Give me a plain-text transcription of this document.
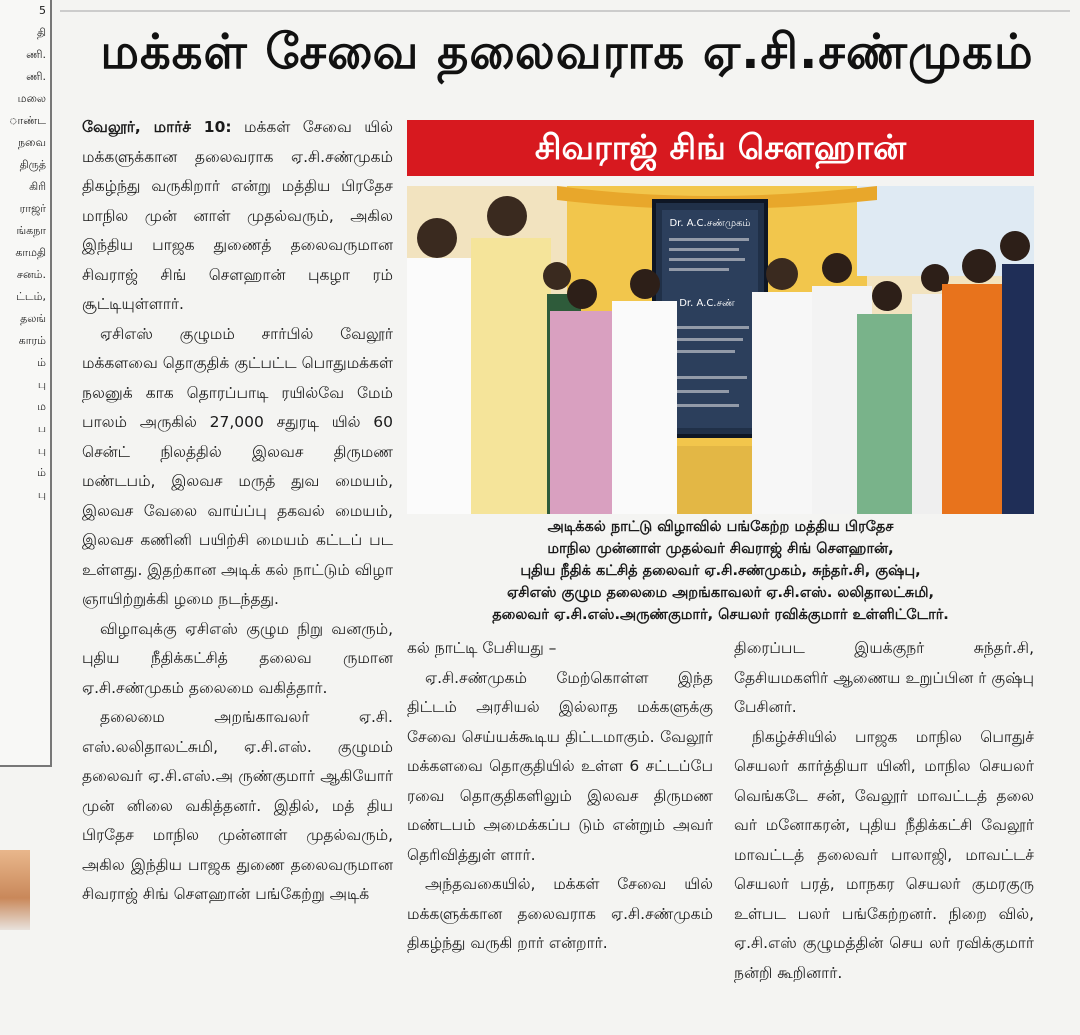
5
தி
ணி.
ணி.
மலை
ாண்ட
நவை
திருத்
கிரி
ராஜர்
ங்கநா
காமதி
சனம்.
ட்டம்,
தலங்
காரம்
ம்
பு
ம
ப
பு
ம்
பு
மக்கள் சேவை தலைவராக ஏ.சி.சண்முகம்
சிவராஜ் சிங் சௌஹான்
Dr. A.C.சண்முகம்
Dr. A.C.சண்
அடிக்கல் நாட்டு விழாவில் பங்கேற்ற மத்திய பிரதேச
மாநில முன்னாள் முதல்வர் சிவராஜ் சிங் சௌஹான்,
புதிய நீதிக் கட்சித் தலைவர் ஏ.சி.சண்முகம், சுந்தர்.சி, குஷ்பு,
ஏசிஎஸ் குழும தலைமை அறங்காவலர் ஏ.சி.எஸ். லலிதாலட்சுமி,
தலைவர் ஏ.சி.எஸ்.அருண்குமார், செயலர் ரவிக்குமார் உள்ளிட்டோர்.

வேலூர், மார்ச் 10: மக்கள் சேவை யில் மக்களுக்கான தலைவராக ஏ.சி.சண்முகம் திகழ்ந்து வருகிறார் என்று மத்திய பிரதேச மாநில முன் னாள் முதல்வரும், அகில இந்திய பாஜக துணைத் தலைவருமான சிவராஜ் சிங் சௌஹான் புகழா ரம் சூட்டியுள்ளார்.

ஏசிஎஸ் குழுமம் சார்பில் வேலூர் மக்களவை தொகுதிக் குட்பட்ட பொதுமக்கள் நலனுக் காக தொரப்பாடி ரயில்வே மேம் பாலம் அருகில் 27,000 சதுரடி யில் 60 சென்ட் நிலத்தில் இலவச திருமண மண்டபம், இலவச மருத் துவ மையம், இலவச வேலை வாய்ப்பு தகவல் மையம், இலவச கணினி பயிற்சி மையம் கட்டப் பட உள்ளது. இதற்கான அடிக் கல் நாட்டும் விழா ஞாயிற்றுக்கி ழமை நடந்தது.

விழாவுக்கு ஏசிஎஸ் குழும நிறு வனரும், புதிய நீதிக்கட்சித் தலைவ ருமான ஏ.சி.சண்முகம் தலைமை வகித்தார்.

தலைமை அறங்காவலர் ஏ.சி. எஸ்.லலிதாலட்சுமி, ஏ.சி.எஸ். குழுமம் தலைவர் ஏ.சி.எஸ்.அ ருண்குமார் ஆகியோர் முன் னிலை வகித்தனர். இதில், மத் திய பிரதேச மாநில முன்னாள் முதல்வரும், அகில இந்திய பாஜக துணை தலைவருமான சிவராஜ் சிங் சௌஹான் பங்கேற்று அடிக்

கல் நாட்டி பேசியது –

ஏ.சி.சண்முகம் மேற்கொள்ள இந்த திட்டம் அரசியல் இல்லாத மக்களுக்கு சேவை செய்யக்கூடிய திட்டமாகும். வேலூர் மக்களவை தொகுதியில் உள்ள 6 சட்டப்பே ரவை தொகுதிகளிலும் இலவச திருமண மண்டபம் அமைக்கப்ப டும் என்றும் அவர் தெரிவித்துள் ளார்.

அந்தவகையில், மக்கள் சேவை யில் மக்களுக்கான தலைவராக ஏ.சி.சண்முகம் திகழ்ந்து வருகி றார் என்றார்.

திரைப்பட இயக்குநர் சுந்தர்.சி, தேசியமகளிர் ஆணைய உறுப்பின ர் குஷ்பு பேசினர்.

நிகழ்ச்சியில் பாஜக மாநில பொதுச் செயலர் கார்த்தியா யினி, மாநில செயலர் வெங்கடே சன், வேலூர் மாவட்டத் தலை வர் மனோகரன், புதிய நீதிக்கட்சி வேலூர் மாவட்டத் தலைவர் பாலாஜி, மாவட்டச் செயலர் பரத், மாநகர செயலர் குமரகுரு உள்பட பலர் பங்கேற்றனர். நிறை வில், ஏ.சி.எஸ் குழுமத்தின் செய லர் ரவிக்குமார் நன்றி கூறினார்.
